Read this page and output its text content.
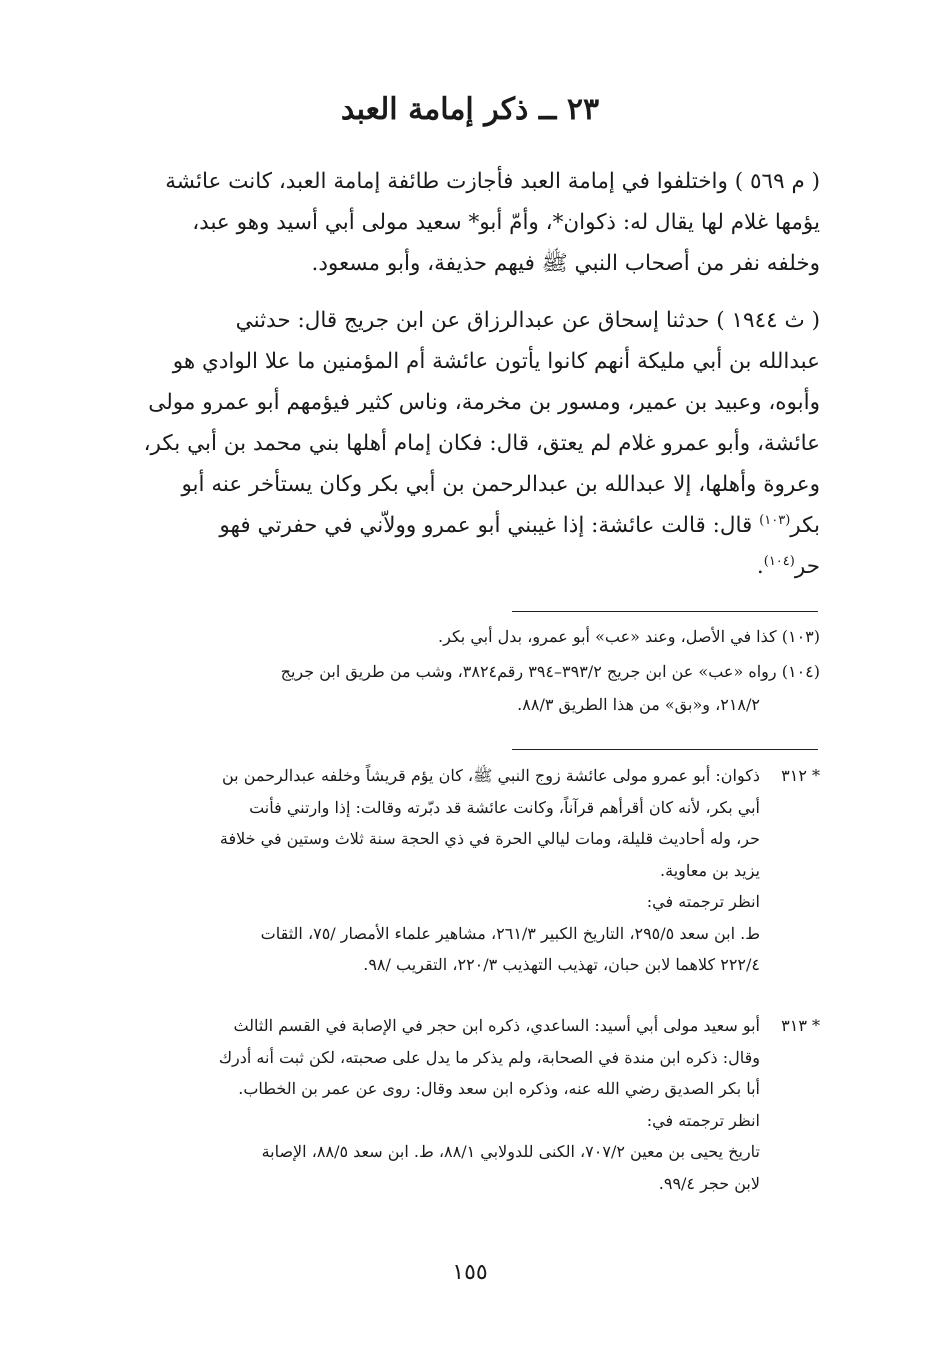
٢٣ ــ ذكر إمامة العبد
( م ٥٦٩ ) واختلفوا في إمامة العبد فأجازت طائفة إمامة العبد، كانت عائشة
يؤمها غلام لها يقال له: ذكوان*، وأمّ أبو* سعيد مولى أبي أسيد وهو عبد،
وخلفه نفر من أصحاب النبي ﷺ فيهم حذيفة، وأبو مسعود.
( ث ١٩٤٤ ) حدثنا إسحاق عن عبدالرزاق عن ابن جريج قال: حدثني
عبدالله بن أبي مليكة أنهم كانوا يأتون عائشة أم المؤمنين ما علا الوادي هو
وأبوه، وعبيد بن عمير، ومسور بن مخرمة، وناس كثير فيؤمهم أبو عمرو مولى
عائشة، وأبو عمرو غلام لم يعتق، قال: فكان إمام أهلها بني محمد بن أبي بكر،
وعروة وأهلها، إلا عبدالله بن عبدالرحمن بن أبي بكر وكان يستأخر عنه أبو
بكر$^{(١٠٣)}$ قال: قالت عائشة: إذا غيبني أبو عمرو وولاّني في حفرتي فهو
حر$^{(١٠٤)}$.
(١٠٣) كذا في الأصل، وعند «عب» أبو عمرو، بدل أبي بكر.
(١٠٤) رواه «عب» عن ابن جريج ٣٩٣/٢–٣٩٤ رقم٣٨٢٤، وشب من طريق ابن جريج
٢١٨/٢، و«بق» من هذا الطريق ٨٨/٣.
* ٣١٢ذكوان: أبو عمرو مولى عائشة زوج النبي ﷺ، كان يؤم قريشاً وخلفه عبدالرحمن بن
أبي بكر، لأنه كان أقرأهم قرآناً، وكانت عائشة قد دبّرته وقالت: إذا وارتني فأنت
حر، وله أحاديث قليلة، ومات ليالي الحرة في ذي الحجة سنة ثلاث وستين في خلافة
يزيد بن معاوية.
انظر ترجمته في:
ط. ابن سعد ٢٩٥/٥، التاريخ الكبير ٢٦١/٣، مشاهير علماء الأمصار /٧٥، الثقات
٢٢٢/٤ كلاهما لابن حبان، تهذيب التهذيب ٢٢٠/٣، التقريب /٩٨.
* ٣١٣أبو سعيد مولى أبي أسيد: الساعدي، ذكره ابن حجر في الإصابة في القسم الثالث
وقال: ذكره ابن مندة في الصحابة، ولم يذكر ما يدل على صحبته، لكن ثبت أنه أدرك
أبا بكر الصديق رضي الله عنه، وذكره ابن سعد وقال: روى عن عمر بن الخطاب.
انظر ترجمته في:
تاريخ يحيى بن معين ٧٠٧/٢، الكنى للدولابي ٨٨/١، ط. ابن سعد ٨٨/٥، الإصابة
لابن حجر ٩٩/٤.
١٥٥
